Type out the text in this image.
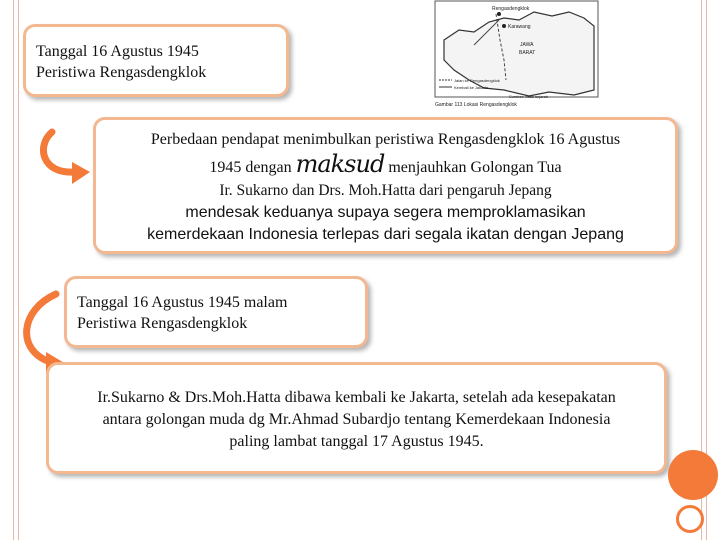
Rengasdengklok
Karawang
JAWA
BARAT
Jalan ke Rengasdengklok
Kembali ke Jakarta
Sumber: Atlas sejarah
Gambar 113 Lokasi Rengasdengklok
Tanggal 16 Agustus 1945
Peristiwa Rengasdengklok
Perbedaan pendapat menimbulkan peristiwa Rengasdengklok 16 Agustus
1945 dengan maksud menjauhkan Golongan Tua
Ir. Sukarno dan Drs. Moh.Hatta dari pengaruh Jepang
mendesak keduanya supaya segera memproklamasikan
kemerdekaan Indonesia terlepas dari segala ikatan dengan Jepang
Tanggal 16 Agustus 1945 malam
Peristiwa Rengasdengklok
Ir.Sukarno & Drs.Moh.Hatta dibawa kembali ke Jakarta, setelah ada kesepakatan
antara golongan muda dg Mr.Ahmad Subardjo tentang Kemerdekaan Indonesia
paling lambat tanggal 17 Agustus 1945.
